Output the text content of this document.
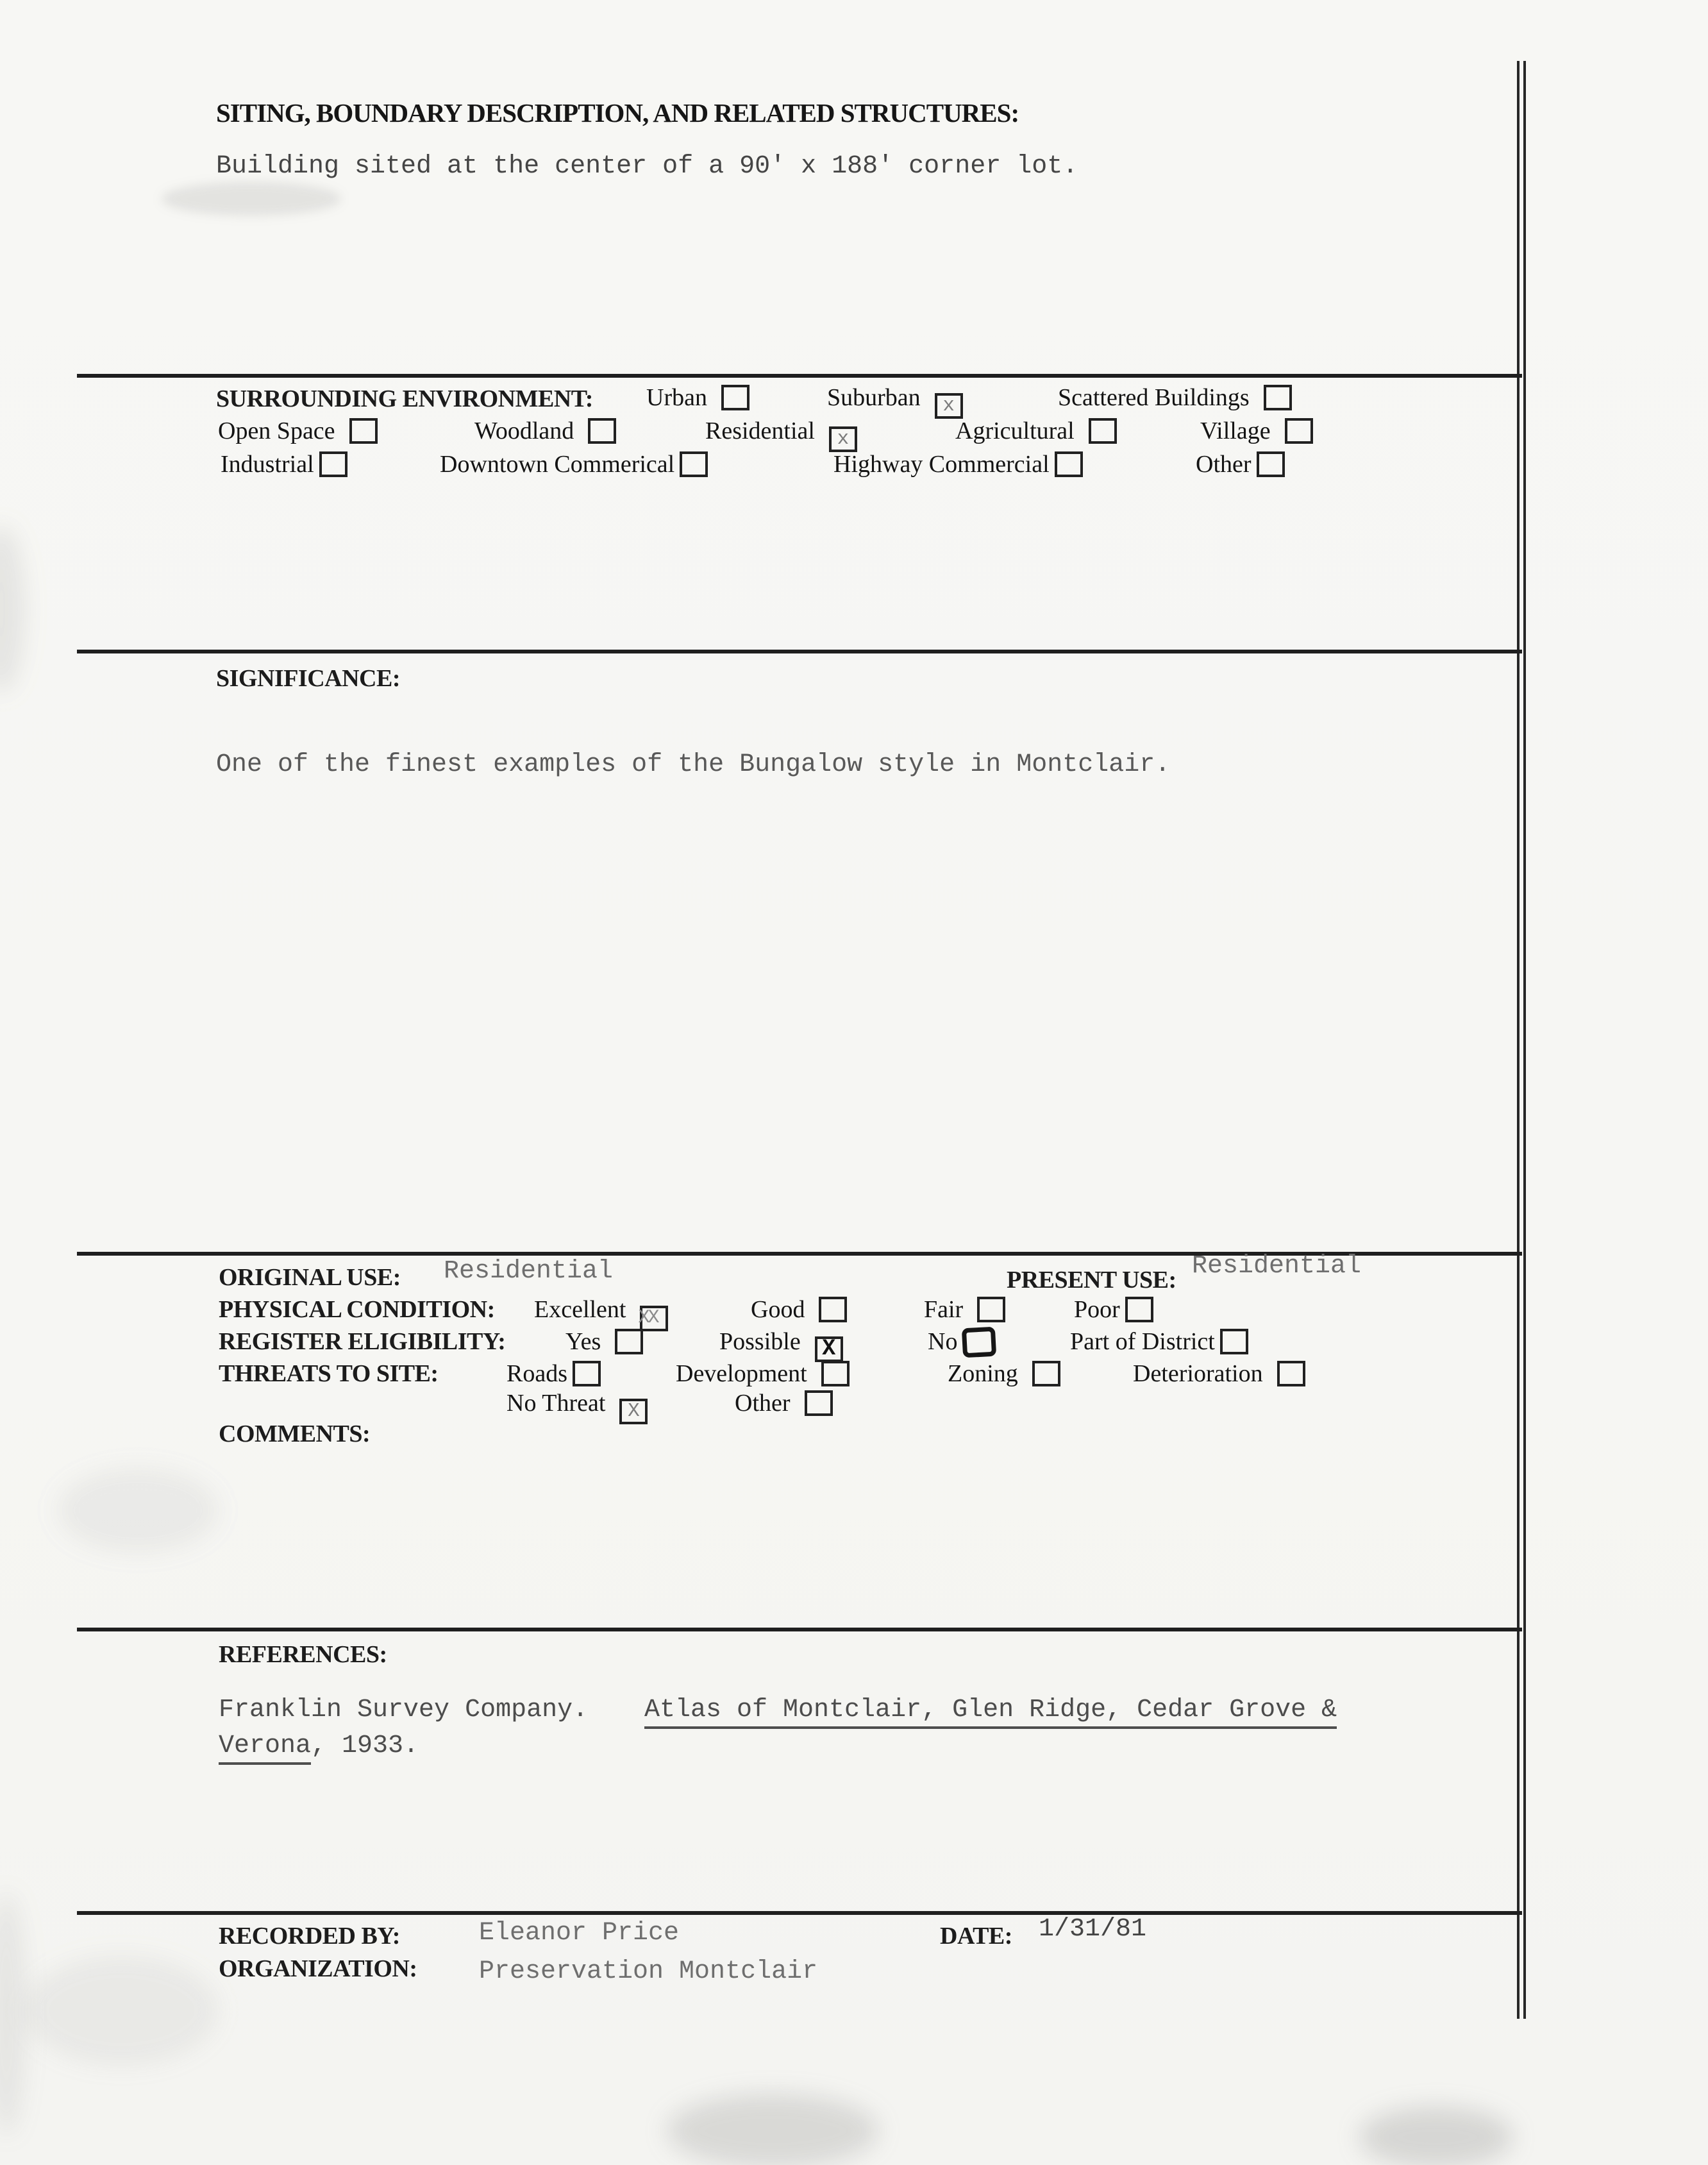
SITING, BOUNDARY DESCRIPTION, AND RELATED STRUCTURES:
Building sited at the center of a 90' x 188' corner lot.
SURROUNDING ENVIRONMENT: Urban	Suburban x	Scattered Buildings
Open Space	Woodland	Residential x	Agricultural	Village
Industrial	Downtown Commerical	Highway Commercial	Other
SIGNIFICANCE:
One of the finest examples of the Bungalow style in Montclair.
ORIGINAL USE: Residential	PRESENT USE: Residential
PHYSICAL CONDITION: Excellent XX	Good	Fair	Poor
REGISTER ELIGIBILITY: Yes	Possible X	No	Part of District
THREATS TO SITE:	Roads	Development	Zoning	Deterioration
No Threat X	Other
COMMENTS:
REFERENCES:
Franklin Survey Company. Atlas of Montclair, Glen Ridge, Cedar Grove &
Verona, 1933.
RECORDED BY:	Eleanor Price	DATE: 1/31/81
ORGANIZATION: Preservation Montclair
